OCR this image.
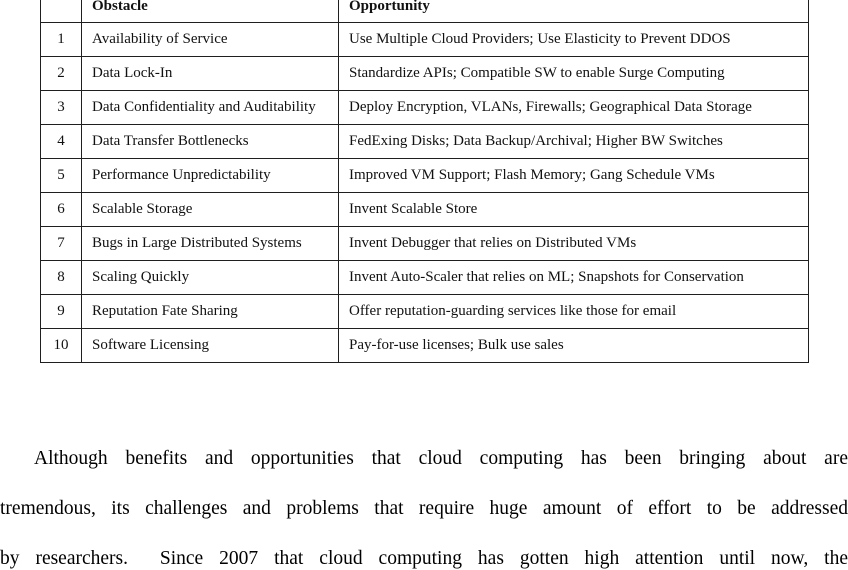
	Obstacle	Opportunity
1	Availability of Service	Use Multiple Cloud Providers; Use Elasticity to Prevent DDOS
2	Data Lock-In	Standardize APIs; Compatible SW to enable Surge Computing
3	Data Confidentiality and Auditability	Deploy Encryption, VLANs, Firewalls; Geographical Data Storage
4	Data Transfer Bottlenecks	FedExing Disks; Data Backup/Archival; Higher BW Switches
5	Performance Unpredictability	Improved VM Support; Flash Memory; Gang Schedule VMs
6	Scalable Storage	Invent Scalable Store
7	Bugs in Large Distributed Systems	Invent Debugger that relies on Distributed VMs
8	Scaling Quickly	Invent Auto-Scaler that relies on ML; Snapshots for Conservation
9	Reputation Fate Sharing	Offer reputation-guarding services like those for email
10	Software Licensing	Pay-for-use licenses; Bulk use sales
Although benefits and opportunities that cloud computing has been bringing about are
tremendous, its challenges and problems that require huge amount of effort to be addressed
by researchers.  Since 2007 that cloud computing has gotten high attention until now, the
